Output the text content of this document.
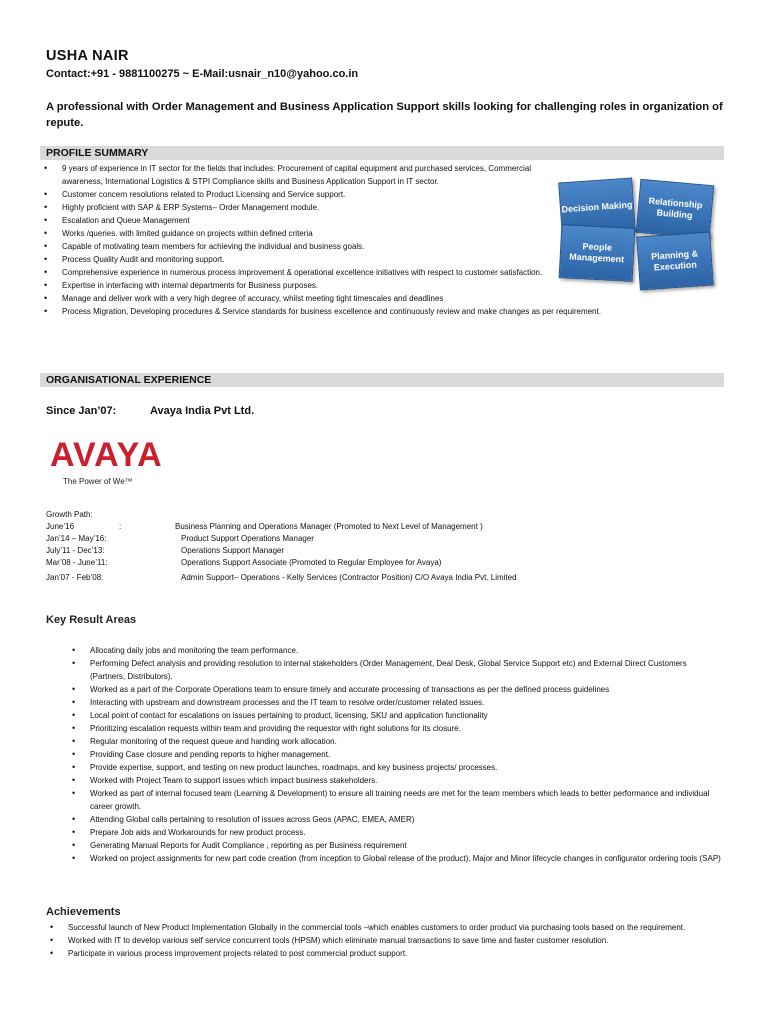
USHA NAIR
Contact:+91 - 9881100275 ~ E-Mail:usnair_n10@yahoo.co.in
A professional with Order Management and Business Application Support skills looking for challenging roles in organization of repute.
PROFILE SUMMARY
• 9 years of experience in IT sector for the fields that includes: Procurement of capital equipment and purchased services, Commercial awareness, International Logistics & STPI Compliance skills and Business Application Support in IT sector.
• Customer concern resolutions related to Product Licensing and Service support.
• Highly proficient with SAP & ERP Systems– Order Management module.
• Escalation and Queue Management
• Works /queries. with limited guidance on projects within defined criteria
• Capable of motivating team members for achieving the individual and business goals.
• Process Quality Audit and monitoring support.
• Comprehensive experience in numerous process improvement & operational excellence initiatives with respect to customer satisfaction.
• Expertise in interfacing with internal departments for Business purposes.
• Manage and deliver work with a very high degree of accuracy, whilst meeting tight timescales and deadlines
• Process Migration, Developing procedures & Service standards for business excellence and continuously review and make changes as per requirement.
Decision Making	Relationship Building
People Management	Planning & Execution
ORGANISATIONAL EXPERIENCE
Since Jan’07:	Avaya India Pvt Ltd.
AVAYA
The Power of We™
Growth Path:
June’16	:	Business Planning and Operations Manager (Promoted to Next Level of Management )
Jan’14 – May’16:	Product Support Operations Manager
July’11 - Dec’13:	Operations Support Manager
Mar’08 - June’11:	Operations Support Associate (Promoted to Regular Employee for Avaya)
Jan’07 - Feb’08:	Admin Support– Operations - Kelly Services (Contractor Position) C/O Avaya India Pvt. Limited
Key Result Areas
• Allocating daily jobs and monitoring the team performance.
• Performing Defect analysis and providing resolution to internal stakeholders (Order Management, Deal Desk, Global Service Support etc) and External Direct Customers (Partners, Distributors).
• Worked as a part of the Corporate Operations team to ensure timely and accurate processing of transactions as per the defined process guidelines
• Interacting with upstream and downstream processes and the IT team to resolve order/customer related issues.
• Local point of contact for escalations on issues pertaining to product, licensing, SKU and application functionality
• Prioritizing escalation requests within team and providing the requestor with right solutions for its closure.
• Regular monitoring of the request queue and handing work allocation.
• Providing Case closure and pending reports to higher management.
• Provide expertise, support, and testing on new product launches, roadmaps, and key business projects/ processes.
• Worked with Project Team to support issues which impact business stakeholders.
• Worked as part of internal focused team (Learning & Development) to ensure all training needs are met for the team members which leads to better performance and individual career growth.
• Attending Global calls pertaining to resolution of issues across Geos (APAC, EMEA, AMER)
• Prepare Job aids and Workarounds for new product process.
• Generating Manual Reports for Audit Compliance , reporting as per Business requirement
• Worked on project assignments for new part code creation (from inception to Global release of the product), Major and Minor lifecycle changes in configurator ordering tools (SAP)
Achievements
• Successful launch of New Product Implementation Globally in the commercial tools –which enables customers to order product via purchasing tools based on the requirement.
• Worked with IT to develop various self service concurrent tools (HPSM) which eliminate manual transactions to save time and faster customer resolution.
• Participate in various process improvement projects related to post commercial product support.
